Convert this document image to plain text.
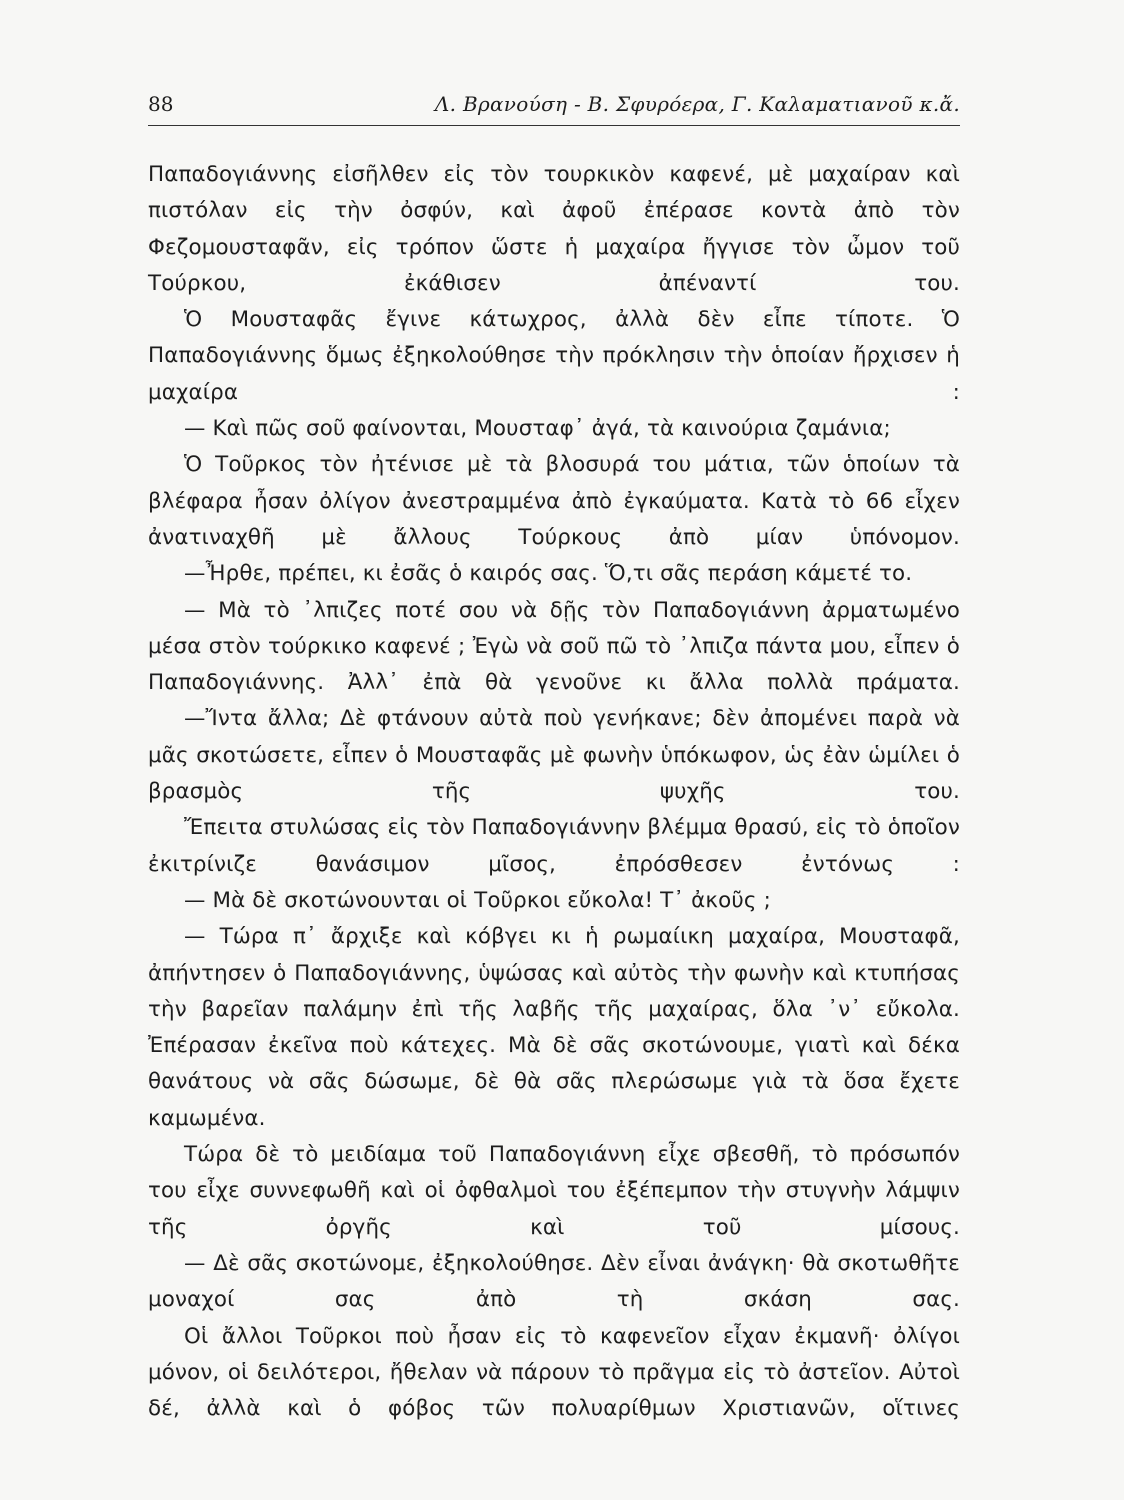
88	Λ. Βρανούση - Β. Σφυρόερα, Γ. Καλαματιανοῦ κ.ἄ.

Παπαδογιάννης εἰσῆλθεν εἰς τὸν τουρκικὸν καφενέ, μὲ μαχαίραν καὶ πιστόλαν εἰς τὴν ὀσφύν, καὶ ἀφοῦ ἐπέρασε κοντὰ ἀπὸ τὸν Φεζομουσταφᾶν, εἰς τρόπον ὥστε ἡ μαχαίρα ἤγγισε τὸν ὦμον τοῦ Τούρκου, ἐκάθισεν ἀπέναντί του.

Ὁ Μουσταφᾶς ἔγινε κάτωχρος, ἀλλὰ δὲν εἶπε τίποτε. Ὁ Παπαδογιάννης ὅμως ἐξηκολούθησε τὴν πρόκλησιν τὴν ὁποίαν ἤρχισεν ἡ μαχαίρα :

— Καὶ πῶς σοῦ φαίνονται, Μουσταφ᾽ ἀγά, τὰ καινούρια ζαμάνια;

Ὁ Τοῦρκος τὸν ἠτένισε μὲ τὰ βλοσυρά του μάτια, τῶν ὁποίων τὰ βλέφαρα ἦσαν ὀλίγον ἀνεστραμμένα ἀπὸ ἐγκαύματα. Κατὰ τὸ 66 εἶχεν ἀνατιναχθῆ μὲ ἄλλους Τούρκους ἀπὸ μίαν ὑπόνομον.

—Ἦρθε, πρέπει, κι ἐσᾶς ὁ καιρός σας. Ὅ,τι σᾶς περάση κάμετέ το.

— Μὰ τὸ ᾽λπιζες ποτέ σου νὰ δῇς τὸν Παπαδογιάννη ἀρματωμένο μέσα στὸν τούρκικο καφενέ ; Ἐγὼ νὰ σοῦ πῶ τὸ ᾽λπιζα πάντα μου, εἶπεν ὁ Παπαδογιάννης. Ἀλλ᾽ ἐπὰ θὰ γενοῦνε κι ἄλλα πολλὰ πράματα.

—Ἴντα ἄλλα; Δὲ φτάνουν αὐτὰ ποὺ γενήκανε; δὲν ἀπομένει παρὰ νὰ μᾶς σκοτώσετε, εἶπεν ὁ Μουσταφᾶς μὲ φωνὴν ὑπόκωφον, ὡς ἐὰν ὡμίλει ὁ βρασμὸς τῆς ψυχῆς του.

Ἔπειτα στυλώσας εἰς τὸν Παπαδογιάννην βλέμμα θρασύ, εἰς τὸ ὁποῖον ἐκιτρίνιζε θανάσιμον μῖσος, ἐπρόσθεσεν ἐντόνως :

— Μὰ δὲ σκοτώνουνται οἱ Τοῦρκοι εὔκολα! Τ᾽ ἀκοῦς ;

— Τώρα π᾽ ἄρχιξε καὶ κόβγει κι ἡ ρωμαίικη μαχαίρα, Μουσταφᾶ, ἀπήντησεν ὁ Παπαδογιάννης, ὑψώσας καὶ αὐτὸς τὴν φωνὴν καὶ κτυπήσας τὴν βαρεῖαν παλάμην ἐπὶ τῆς λαβῆς τῆς μαχαίρας, ὅλα ᾽ν᾽ εὔκολα. Ἐπέρασαν ἐκεῖνα ποὺ κάτεχες. Μὰ δὲ σᾶς σκοτώνουμε, γιατὶ καὶ δέκα θανάτους νὰ σᾶς δώσωμε, δὲ θὰ σᾶς πλερώσωμε γιὰ τὰ ὅσα ἔχετε καμωμένα.

Τώρα δὲ τὸ μειδίαμα τοῦ Παπαδογιάννη εἶχε σβεσθῆ, τὸ πρόσωπόν του εἶχε συννεφωθῆ καὶ οἱ ὀφθαλμοὶ του ἐξέπεμπον τὴν στυγνὴν λάμψιν τῆς ὀργῆς καὶ τοῦ μίσους.

— Δὲ σᾶς σκοτώνομε, ἐξηκολούθησε. Δὲν εἶναι ἀνάγκη· θὰ σκοτωθῆτε μοναχοί σας ἀπὸ τὴ σκάση σας.

Οἱ ἄλλοι Τοῦρκοι ποὺ ἦσαν εἰς τὸ καφενεῖον εἶχαν ἐκμανῆ· ὀλίγοι μόνον, οἱ δειλότεροι, ἤθελαν νὰ πάρουν τὸ πρᾶγμα εἰς τὸ ἀστεῖον. Αὐτοὶ δέ, ἀλλὰ καὶ ὁ φόβος τῶν πολυαρίθμων Χριστιανῶν, οἵτινες
